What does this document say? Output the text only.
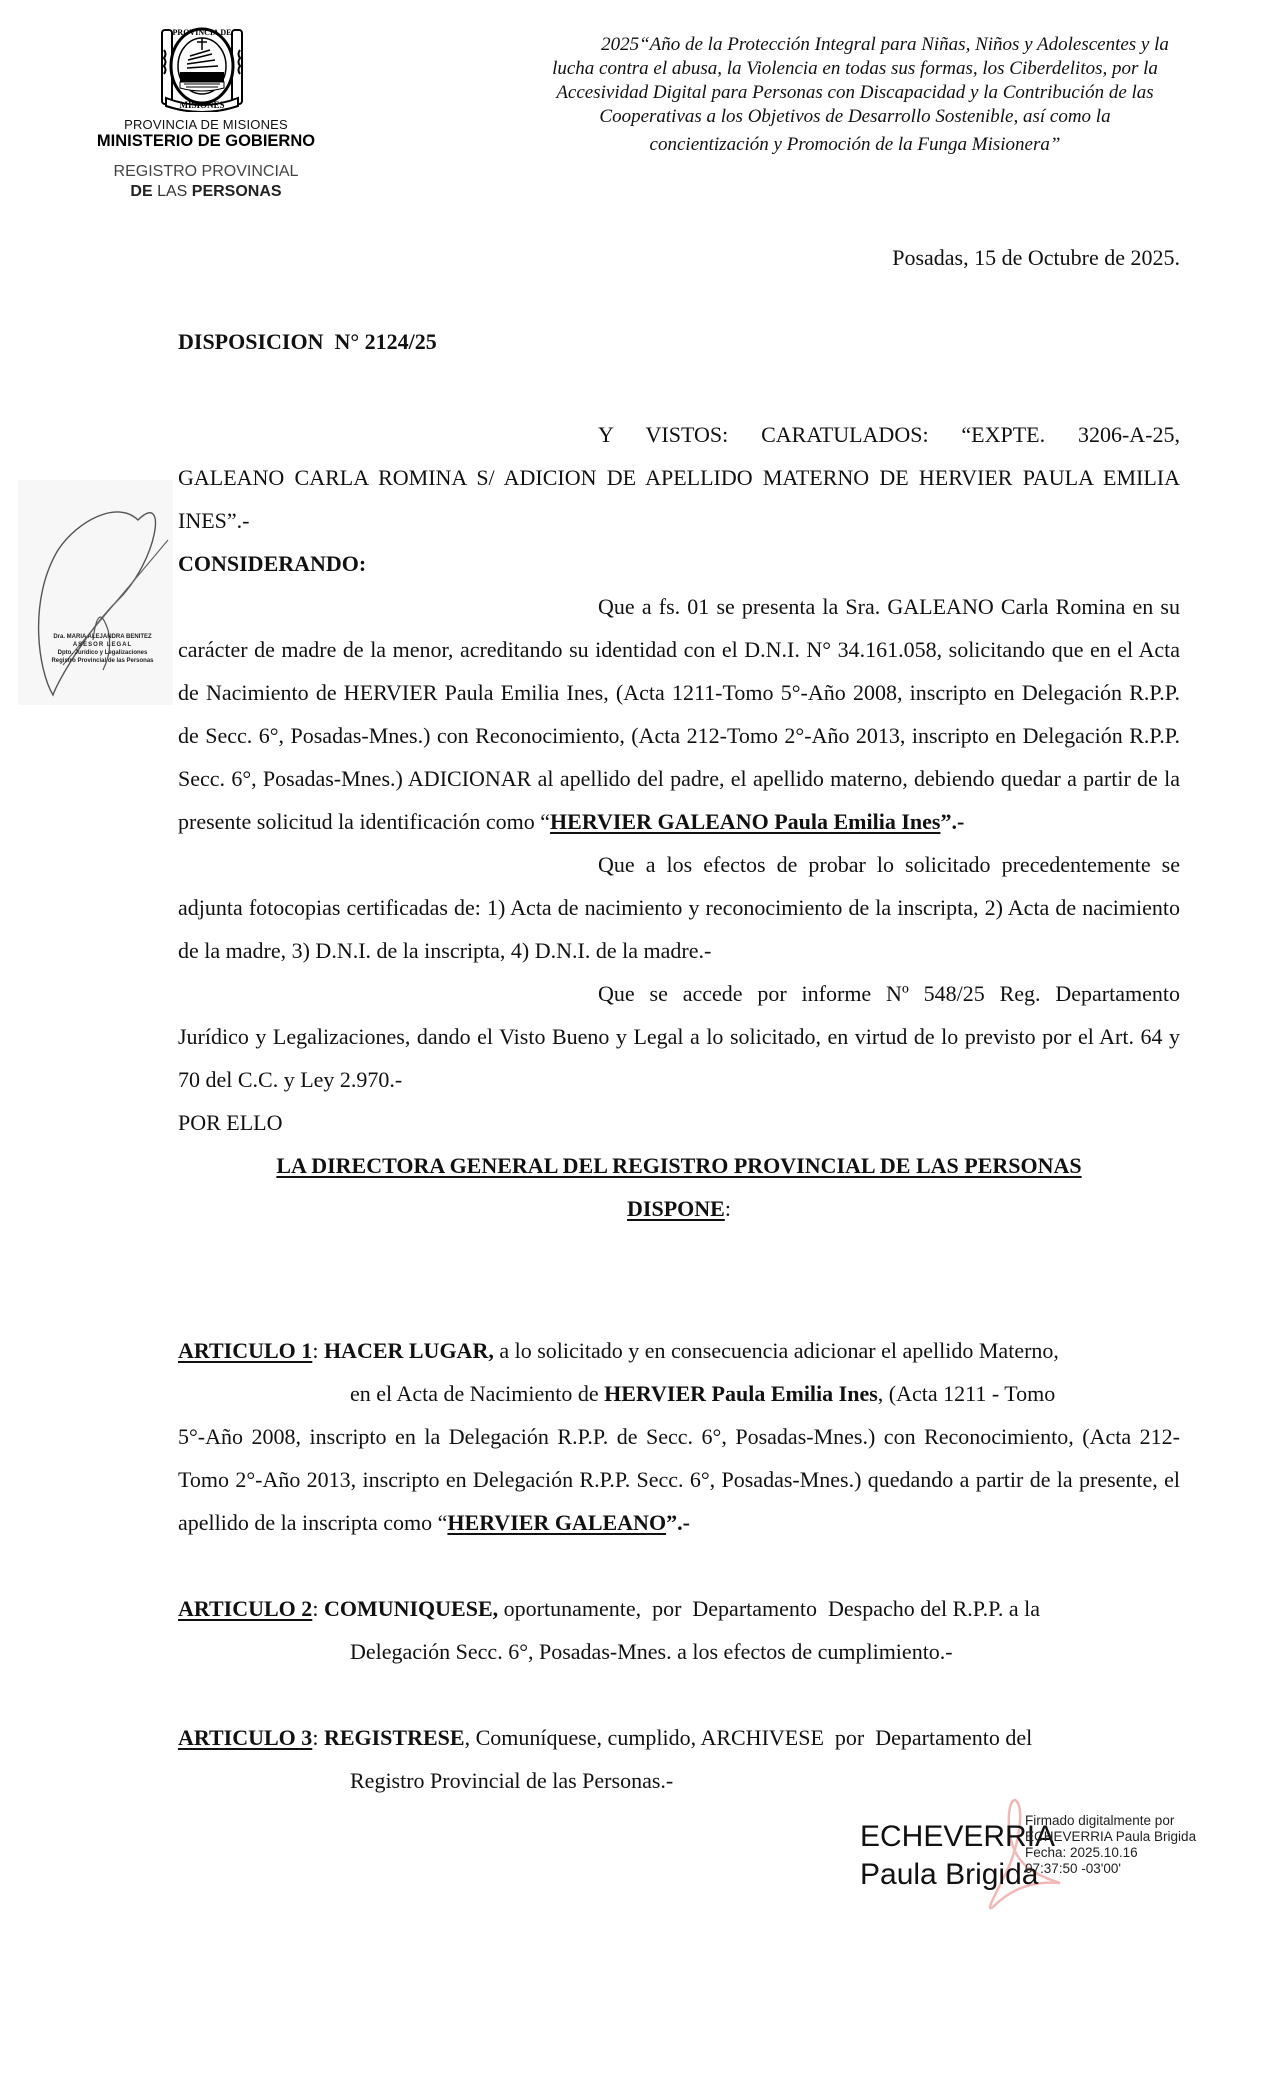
PROVINCIA DE
MISIONES
PROVINCIA DE MISIONES
MINISTERIO DE GOBIERNO
REGISTRO PROVINCIAL
DE LAS PERSONAS
2025“Año de la Protección Integral para Niñas, Niños y Adolescentes y la
lucha contra el abusa, la Violencia en todas sus formas, los Ciberdelitos, por la
Accesividad Digital para Personas con Discapacidad y la Contribución de las
Cooperativas a los Objetivos de Desarrollo Sostenible, así como la
concientización y Promoción de la Funga Misionera”
Posadas, 15 de Octubre de 2025.
DISPOSICION  N° 2124/25
Dra. MARIA ALEJANDRA BENITEZ
ASESOR LEGAL
Dpto. Jurídico y Legalizaciones
Registro Provincial de las Personas

Y VISTOS: CARATULADOS: “EXPTE. 3206-A-25, GALEANO CARLA ROMINA S/ ADICION DE APELLIDO MATERNO DE HERVIER PAULA EMILIA INES”.-

CONSIDERANDO:

Que a fs. 01 se presenta la Sra. GALEANO Carla Romina en su carácter de madre de la menor, acreditando su identidad con el D.N.I. N° 34.161.058, solicitando que en el Acta de Nacimiento de HERVIER Paula Emilia Ines, (Acta 1211-Tomo 5°-Año 2008, inscripto en Delegación R.P.P. de Secc. 6°, Posadas-Mnes.) con Reconocimiento, (Acta 212-Tomo 2°-Año 2013, inscripto en Delegación R.P.P. Secc. 6°, Posadas-Mnes.) ADICIONAR al apellido del padre, el apellido materno, debiendo quedar a partir de la presente solicitud la identificación como “HERVIER GALEANO Paula Emilia Ines”.-

Que a los efectos de probar lo solicitado precedentemente se adjunta fotocopias certificadas de: 1) Acta de nacimiento y reconocimiento de la inscripta, 2) Acta de nacimiento de la madre, 3) D.N.I. de la inscripta, 4) D.N.I. de la madre.-

Que se accede por informe Nº 548/25 Reg. Departamento Jurídico y Legalizaciones, dando el Visto Bueno y Legal a lo solicitado, en virtud de lo previsto por el Art. 64 y 70 del C.C. y Ley 2.970.-

POR ELLO

LA DIRECTORA GENERAL DEL REGISTRO PROVINCIAL DE LAS PERSONAS

DISPONE:

ARTICULO 1: HACER LUGAR, a lo solicitado y en consecuencia adicionar el apellido Materno,
en el Acta de Nacimiento de HERVIER Paula Emilia Ines, (Acta 1211 - Tomo
5°-Año 2008, inscripto en la Delegación R.P.P. de Secc. 6°, Posadas-Mnes.) con Reconocimiento, (Acta 212-Tomo 2°-Año 2013, inscripto en Delegación R.P.P. Secc. 6°, Posadas-Mnes.) quedando a partir de la presente, el apellido de la inscripta como “HERVIER GALEANO”.-
ARTICULO 2: COMUNIQUESE, oportunamente,  por  Departamento  Despacho del R.P.P. a la
Delegación Secc. 6°, Posadas-Mnes. a los efectos de cumplimiento.-
ARTICULO 3: REGISTRESE, Comuníquese, cumplido, ARCHIVESE  por  Departamento del
Registro Provincial de las Personas.-
ECHEVERRIA
Paula Brigida
Firmado digitalmente por
ECHEVERRIA Paula Brigida
Fecha: 2025.10.16
07:37:50 -03'00'
